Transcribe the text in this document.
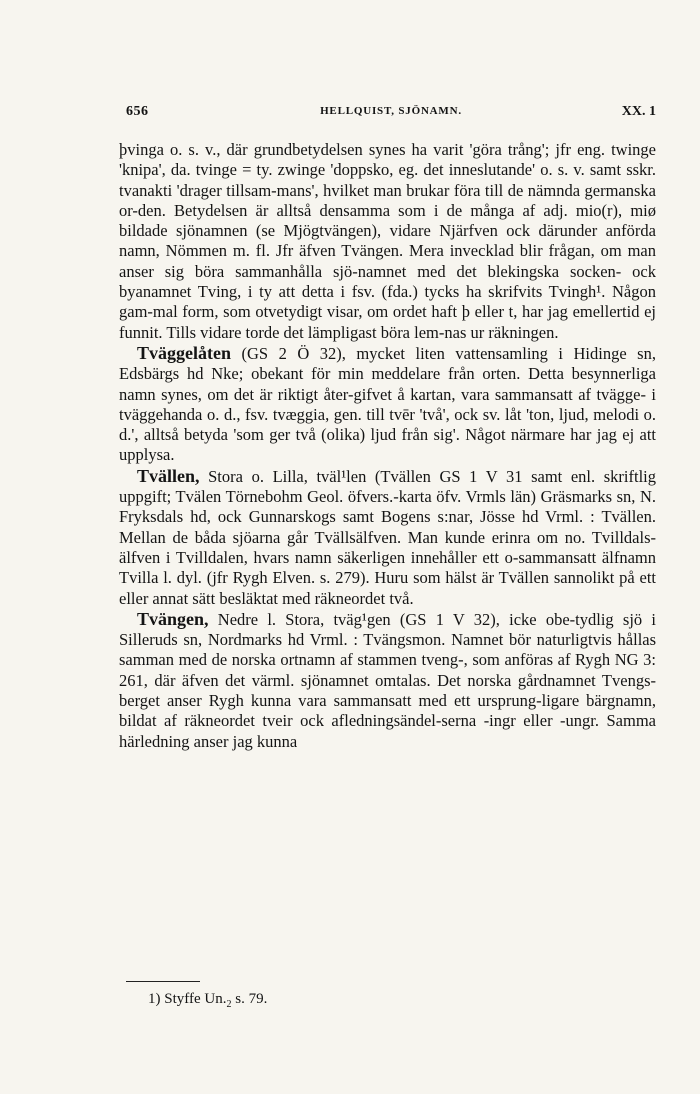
656	HELLQUIST, SJÖNAMN.	XX. 1

þvinga o. s. v., där grundbetydelsen synes ha varit 'göra trång'; jfr eng. twinge 'knipa', da. tvinge = ty. zwinge 'doppsko, eg. det inneslutande' o. s. v. samt sskr. tvanakti 'drager tillsam-mans', hvilket man brukar föra till de nämnda germanska or-den. Betydelsen är alltså densamma som i de många af adj. mio(r), miø bildade sjönamnen (se Mjögtvängen), vidare Njärfven ock därunder anförda namn, Nömmen m. fl. Jfr äfven Tvängen. Mera invecklad blir frågan, om man anser sig böra sammanhålla sjö-namnet med det blekingska socken- ock byanamnet Tving, i ty att detta i fsv. (fda.) tycks ha skrifvits Tvingh¹. Någon gam-mal form, som otvetydigt visar, om ordet haft þ eller t, har jag emellertid ej funnit. Tills vidare torde det lämpligast böra lem-nas ur räkningen.

Tväggelåten (GS 2 Ö 32), mycket liten vattensamling i Hidinge sn, Edsbärgs hd Nke; obekant för min meddelare från orten. Detta besynnerliga namn synes, om det är riktigt åter-gifvet å kartan, vara sammansatt af tvägge- i tväggehanda o. d., fsv. tvæggia, gen. till tvēr 'två', ock sv. låt 'ton, ljud, melodi o. d.', alltså betyda 'som ger två (olika) ljud från sig'. Något närmare har jag ej att upplysa.

Tvällen, Stora o. Lilla, tväl¹len (Tvällen GS 1 V 31 samt enl. skriftlig uppgift; Tvälen Törnebohm Geol. öfvers.-karta öfv. Vrmls län) Gräsmarks sn, N. Fryksdals hd, ock Gunnarskogs samt Bogens s:nar, Jösse hd Vrml. : Tvällen. Mellan de båda sjöarna går Tvällsälfven. Man kunde erinra om no. Tvilldals-älfven i Tvilldalen, hvars namn säkerligen innehåller ett o-sammansatt älfnamn Tvilla l. dyl. (jfr Rygh Elven. s. 279). Huru som hälst är Tvällen sannolikt på ett eller annat sätt besläktat med räkneordet två.

Tvängen, Nedre l. Stora, tväg¹gen (GS 1 V 32), icke obe-tydlig sjö i Silleruds sn, Nordmarks hd Vrml. : Tvängsmon. Namnet bör naturligtvis hållas samman med de norska ortnamn af stammen tveng-, som anföras af Rygh NG 3: 261, där äfven det värml. sjönamnet omtalas. Det norska gårdnamnet Tvengs-berget anser Rygh kunna vara sammansatt med ett ursprung-ligare bärgnamn, bildat af räkneordet tveir ock afledningsändel-serna -ingr eller -ungr. Samma härledning anser jag kunna

1) Styffe $Un._2$ s. 79.
